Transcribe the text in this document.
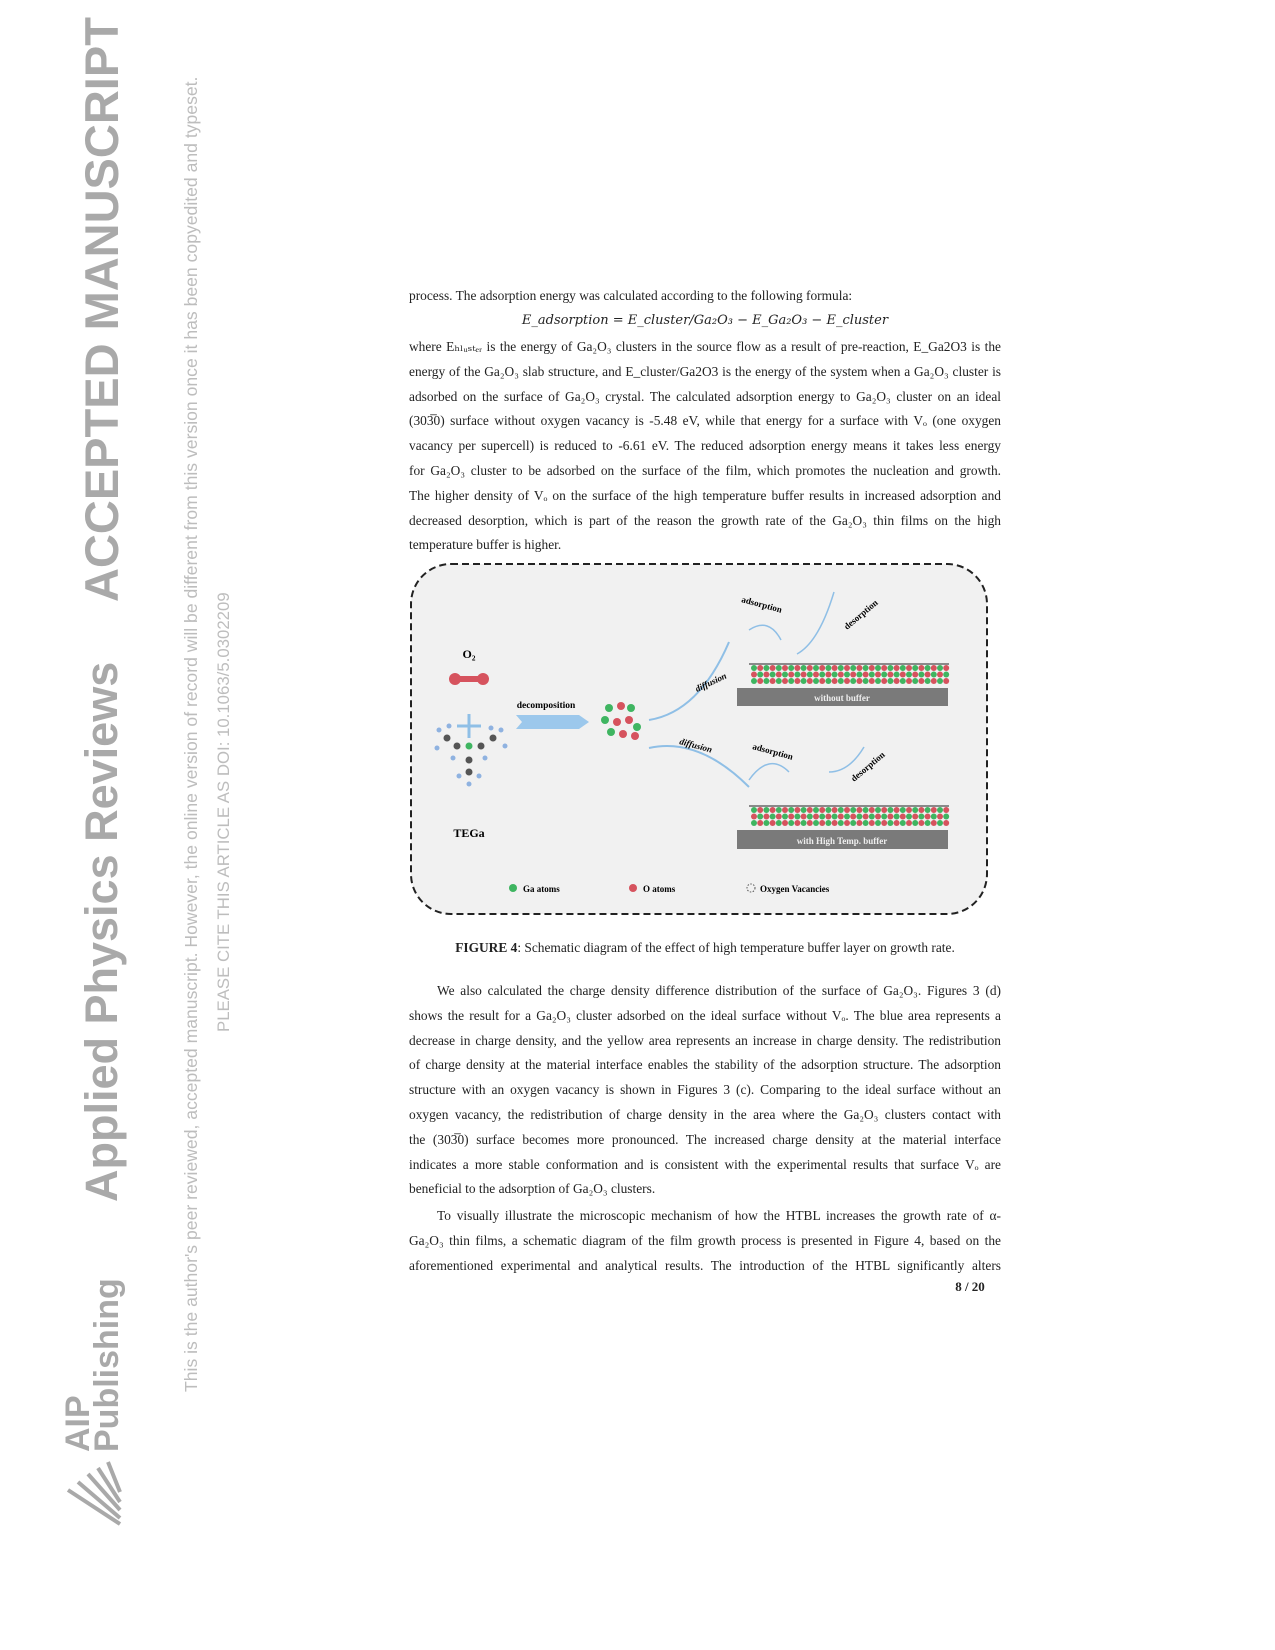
ACCEPTED MANUSCRIPT
Applied Physics Reviews
AIP
Publishing	This is the author's peer reviewed, accepted manuscript. However, the online version of record will be different from this version once it has been copyedited and typeset. PLEASE CITE THIS ARTICLE AS DOI: 10.1063/5.0302209
process. The adsorption energy was calculated according to the following formula:
E_adsorption = E_cluster/Ga₂O₃ − E_Ga₂O₃ − E_cluster
where Eₕₗᵤₛₜₑᵣ is the energy of Ga₂O₃ clusters in the source flow as a result of pre-reaction, E_Ga2O3 is the
energy of the Ga₂O₃ slab structure, and E_cluster/Ga2O3 is the energy of the system when a Ga₂O₃ cluster is
adsorbed on the surface of Ga₂O₃ crystal. The calculated adsorption energy to Ga₂O₃ cluster on an ideal
(303̅0) surface without oxygen vacancy is -5.48 eV, while that energy for a surface with Vₒ (one oxygen
vacancy per supercell) is reduced to -6.61 eV. The reduced adsorption energy means it takes less energy
for Ga₂O₃ cluster to be adsorbed on the surface of the film, which promotes the nucleation and growth.
The higher density of Vₒ on the surface of the high temperature buffer results in increased adsorption and
decreased desorption, which is part of the reason the growth rate of the Ga₂O₃ thin films on the high
temperature buffer is higher.
O₂
TEGa
decomposition
diffusion
adsorption	desorption
diffusion	adsorption	desorption
without buffer
with High Temp. buffer
Ga atoms	O atoms	Oxygen Vacancies
FIGURE 4: Schematic diagram of the effect of high temperature buffer layer on growth rate.
We also calculated the charge density difference distribution of the surface of Ga₂O₃. Figures 3 (d)
shows the result for a Ga₂O₃ cluster adsorbed on the ideal surface without Vₒ. The blue area represents a
decrease in charge density, and the yellow area represents an increase in charge density. The redistribution
of charge density at the material interface enables the stability of the adsorption structure. The adsorption
structure with an oxygen vacancy is shown in Figures 3 (c). Comparing to the ideal surface without an
oxygen vacancy, the redistribution of charge density in the area where the Ga₂O₃ clusters contact with
the (303̅0) surface becomes more pronounced. The increased charge density at the material interface
indicates a more stable conformation and is consistent with the experimental results that surface Vₒ are
beneficial to the adsorption of Ga₂O₃ clusters.
To visually illustrate the microscopic mechanism of how the HTBL increases the growth rate of α-
Ga₂O₃ thin films, a schematic diagram of the film growth process is presented in Figure 4, based on the
aforementioned experimental and analytical results. The introduction of the HTBL significantly alters
8 / 20
